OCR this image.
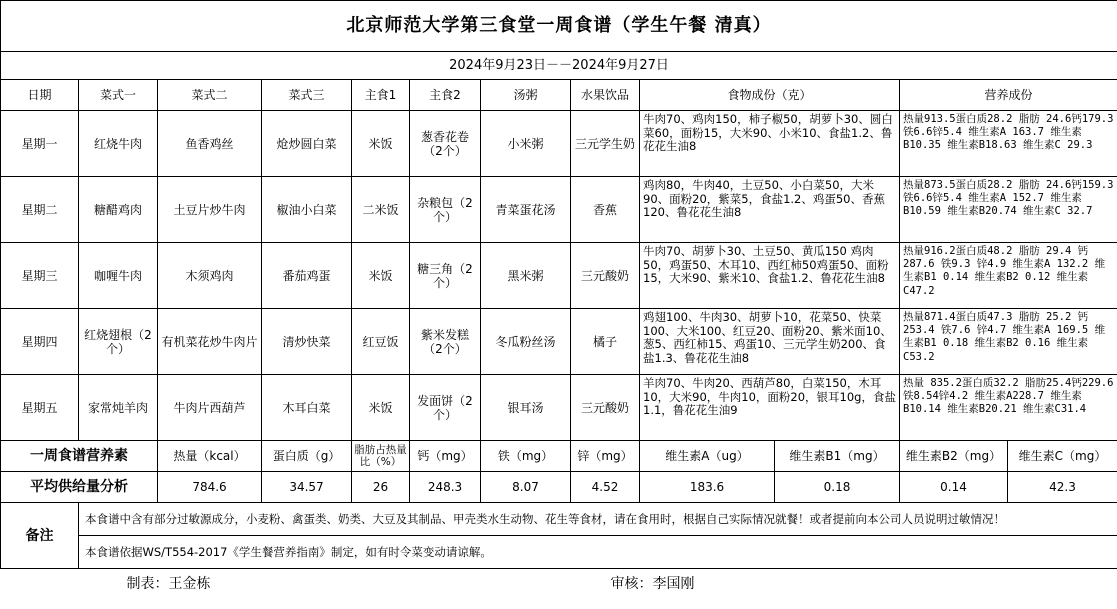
北京师范大学第三食堂一周食谱（学生午餐 清真）											
2024年9月23日－－2024年9月27日											
日期	菜式一	菜式二	菜式三	主食1	主食2	汤粥	水果饮品	食物成份（克）		营养成份	
星期一	红烧牛肉	鱼香鸡丝	炝炒圆白菜	米饭	葱香花卷（2个）	小米粥	三元学生奶	牛肉70、鸡肉150，柿子椒50，胡萝卜30、圆白菜60，面粉15，大米90、小米10、食盐1.2、鲁花花生油8		热量913.5蛋白质28.2 脂肪 24.6钙179.3 铁6.6锌5.4 维生素A 163.7 维生素B10.35 维生素B18.63 维生素C 29.3	
星期二	糖醋鸡肉	土豆片炒牛肉	椒油小白菜	二米饭	杂粮包（2个）	青菜蛋花汤	香蕉	鸡肉80，牛肉40，土豆50、小白菜50，大米90、面粉20，紫菜5，食盐1.2、鸡蛋50、香蕉120、鲁花花生油8		热量873.5蛋白质28.2 脂肪 24.6钙159.3 铁6.6锌5.4 维生素A 152.7 维生素B10.59 维生素B20.74 维生素C 32.7	
星期三	咖喱牛肉	木须鸡肉	番茄鸡蛋	米饭	糖三角（2个）	黑米粥	三元酸奶	牛肉70、胡萝卜30、土豆50、黄瓜150 鸡肉50，鸡蛋50、木耳10、西红柿50鸡蛋50、面粉15，大米90、紫米10、食盐1.2、鲁花花生油8		热量916.2蛋白质48.2 脂肪 29.4 钙287.6 铁9.3 锌4.9 维生素A 132.2 维生素B1 0.14 维生素B2 0.12 维生素C47.2	
星期四	红烧翅根（2个）	有机菜花炒牛肉片	清炒快菜	红豆饭	紫米发糕（2个）	冬瓜粉丝汤	橘子	鸡翅100、牛肉30、胡萝卜10，花菜50、快菜100、大米100、红豆20、面粉20、紫米面10、葱5、西红柿15、鸡蛋10、三元学生奶200、食盐1.3、鲁花花生油8		热量871.4蛋白质47.3 脂肪 25.2 钙253.4 铁7.6 锌4.7 维生素A 169.5 维生素B1 0.18 维生素B2 0.16 维生素C53.2	
星期五	家常炖羊肉	牛肉片西葫芦	木耳白菜	米饭	发面饼（2个）	银耳汤	三元酸奶	羊肉70、牛肉20、西葫芦80，白菜150，木耳10，大米90，牛肉10，面粉20，银耳10g，食盐1.1，鲁花花生油9		热量 835.2蛋白质32.2 脂肪25.4钙229.6铁8.54锌4.2 维生素A228.7 维生素B10.14 维生素B20.21 维生素C31.4	
一周食谱营养素		热量（kcal）	蛋白质（g）	脂肪占热量比（%）	钙（mg）	铁（mg）	锌（mg）	维生素A（ug）	维生素B1（mg）	维生素B2（mg）	维生素C（mg）
平均供给量分析		784.6	34.57	26	248.3	8.07	4.52	183.6	0.18	0.14	42.3
备注	本食谱中含有部分过敏源成分，小麦粉、禽蛋类、奶类、大豆及其制品、甲壳类水生动物、花生等食材，请在食用时，根据自己实际情况就餐！或者提前向本公司人员说明过敏情况！										
	本食谱依据WS/T554-2017《学生餐营养指南》制定，如有时令菜变动请谅解。										
	制表：王金栋						审核：李国刚				
